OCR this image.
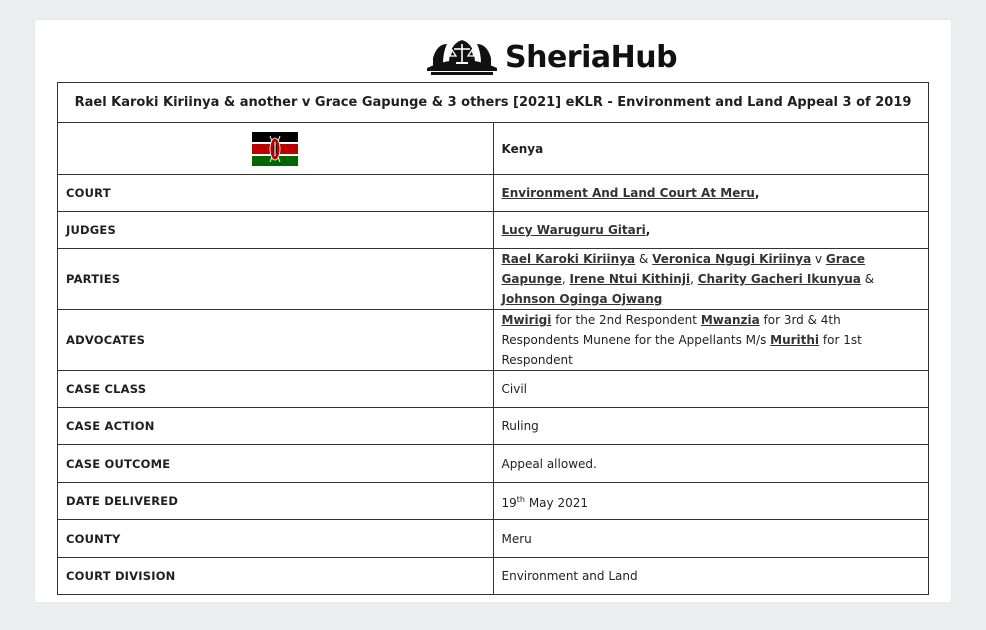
SheriaHub
Rael Karoki Kiriinya & another v Grace Gapunge & 3 others [2021] eKLR - Environment and Land Appeal 3 of 2019	
	Kenya
COURT	Environment And Land Court At Meru,
JUDGES	Lucy Waruguru Gitari,
PARTIES	Rael Karoki Kiriinya & Veronica Ngugi Kiriinya v Grace Gapunge, Irene Ntui Kithinji, Charity Gacheri Ikunyua & Johnson Oginga Ojwang
ADVOCATES	Mwirigi for the 2nd Respondent Mwanzia for 3rd & 4th Respondents Munene for the Appellants M/s Murithi for 1st Respondent
CASE CLASS	Civil
CASE ACTION	Ruling
CASE OUTCOME	Appeal allowed.
DATE DELIVERED	19th May 2021
COUNTY	Meru
COURT DIVISION	Environment and Land
